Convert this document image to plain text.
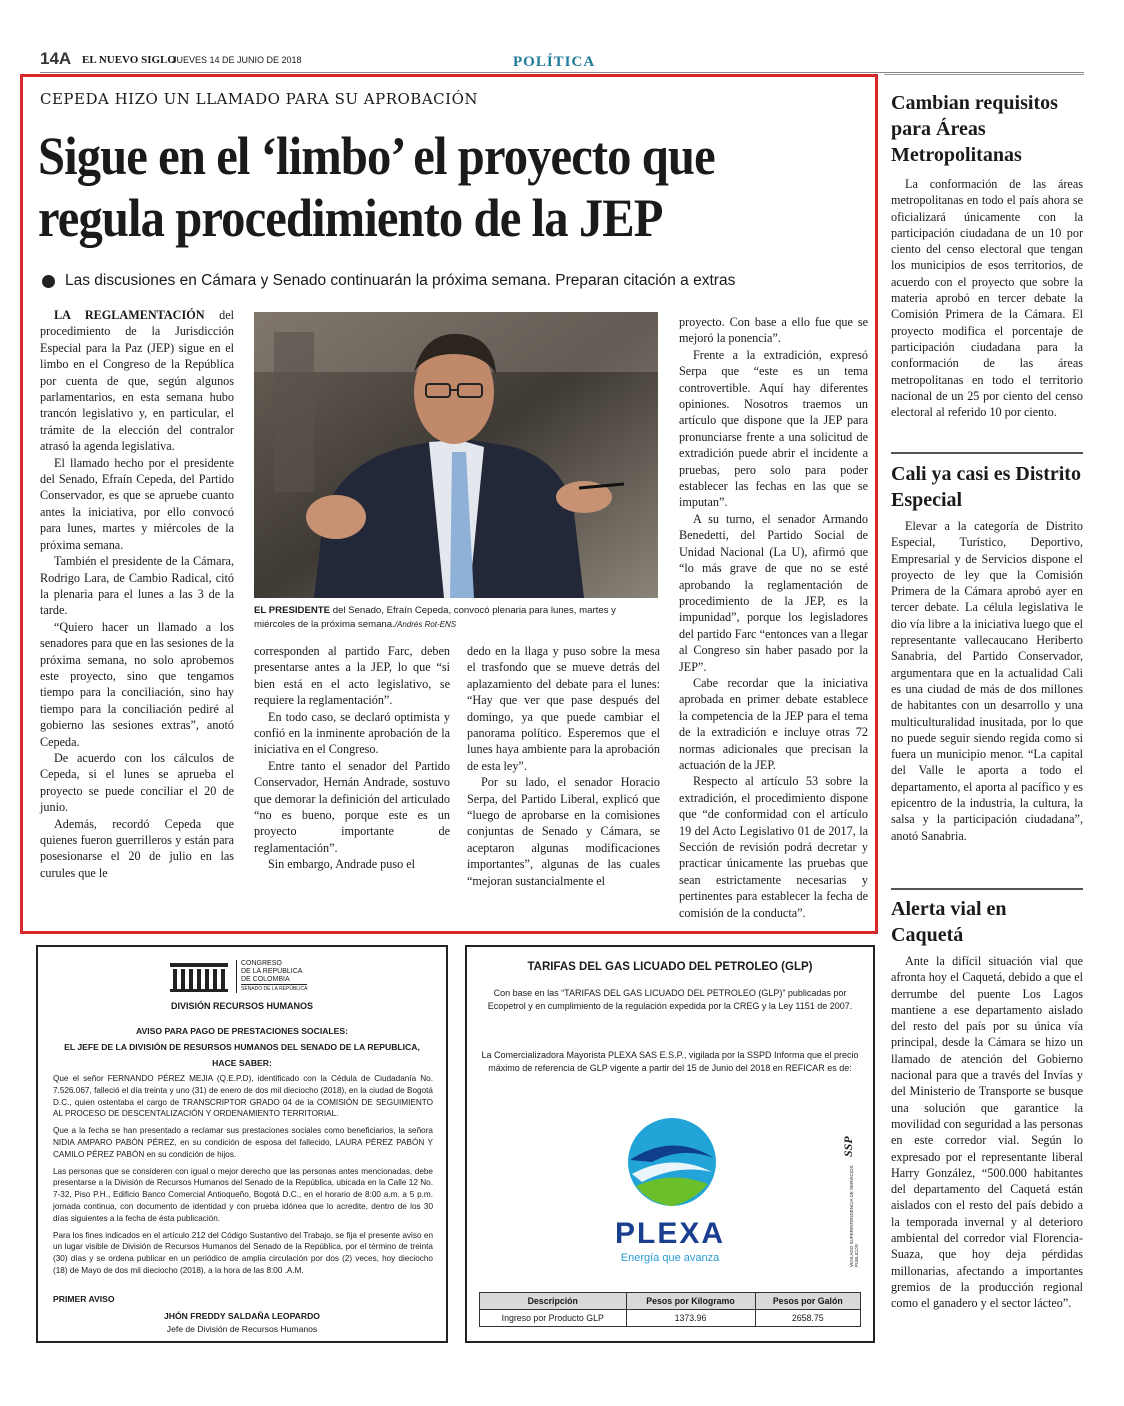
14A EL NUEVO SIGLO
JUEVES 14 DE JUNIO DE 2018	POLÍTICA
CEPEDA HIZO UN LLAMADO PARA SU APROBACIÓN
Sigue en el ‘limbo’ el proyecto que
regula procedimiento de la JEP
Las discusiones en Cámara y Senado continuarán la próxima semana. Preparan citación a extras

LA REGLAMENTACIÓN del procedimiento de la Jurisdicción Especial para la Paz (JEP) sigue en el limbo en el Congreso de la República por cuenta de que, según algunos parlamentarios, en esta semana hubo trancón legislativo y, en particular, el trámite de la elección del contralor atrasó la agenda legislativa.

El llamado hecho por el presidente del Senado, Efraín Cepeda, del Partido Conservador, es que se apruebe cuanto antes la iniciativa, por ello convocó para lunes, martes y miércoles de la próxima semana.

También el presidente de la Cámara, Rodrigo Lara, de Cambio Radical, citó la plenaria para el lunes a las 3 de la tarde.

“Quiero hacer un llamado a los senadores para que en las sesiones de la próxima semana, no solo aprobemos este proyecto, sino que tengamos tiempo para la conciliación, sino hay tiempo para la conciliación pediré al gobierno las sesiones extras”, anotó Cepeda.

De acuerdo con los cálculos de Cepeda, si el lunes se aprueba el proyecto se puede conciliar el 20 de junio.

Además, recordó Cepeda que quienes fueron guerrilleros y están para posesionarse el 20 de julio en las curules que le

EL PRESIDENTE del Senado, Efraín Cepeda, convocó plenaria para lunes, martes y miércoles de la próxima semana./Andrés Rot-ENS

corresponden al partido Farc, deben presentarse antes a la JEP, lo que “si bien está en el acto legislativo, se requiere la reglamentación”.

En todo caso, se declaró optimista y confió en la inminente aprobación de la iniciativa en el Congreso.

Entre tanto el senador del Partido Conservador, Hernán Andrade, sostuvo que demorar la definición del articulado “no es bueno, porque este es un proyecto importante de reglamentación”.

Sin embargo, Andrade puso el

dedo en la llaga y puso sobre la mesa el trasfondo que se mueve detrás del aplazamiento del debate para el lunes: “Hay que ver que pase después del domingo, ya que puede cambiar el panorama político. Esperemos que el lunes haya ambiente para la aprobación de esta ley”.

Por su lado, el senador Horacio Serpa, del Partido Liberal, explicó que “luego de aprobarse en la comisiones conjuntas de Senado y Cámara, se aceptaron algunas modificaciones importantes”, algunas de las cuales “mejoran sustancialmente el

proyecto. Con base a ello fue que se mejoró la ponencia”.

Frente a la extradición, expresó Serpa que “este es un tema controvertible. Aquí hay diferentes opiniones. Nosotros traemos un artículo que dispone que la JEP para pronunciarse frente a una solicitud de extradición puede abrir el incidente a pruebas, pero solo para poder establecer las fechas en las que se imputan”.

A su turno, el senador Armando Benedetti, del Partido Social de Unidad Nacional (La U), afirmó que “lo más grave de que no se esté aprobando la reglamentación de procedimiento de la JEP, es la impunidad”, porque los legisladores del partido Farc “entonces van a llegar al Congreso sin haber pasado por la JEP”.

Cabe recordar que la iniciativa aprobada en primer debate establece la competencia de la JEP para el tema de la extradición e incluye otras 72 normas adicionales que precisan la actuación de la JEP.

Respecto al artículo 53 sobre la extradición, el procedimiento dispone que “de conformidad con el artículo 19 del Acto Legislativo 01 de 2017, la Sección de revisión podrá decretar y practicar únicamente las pruebas que sean estrictamente necesarias y pertinentes para establecer la fecha de comisión de la conducta”.

Cambian requisitos para Áreas Metropolitanas
La conformación de las áreas metropolitanas en todo el país ahora se oficializará únicamente con la participación ciudadana de un 10 por ciento del censo electoral que tengan los municipios de esos territorios, de acuerdo con el proyecto que sobre la materia aprobó en tercer debate la Comisión Primera de la Cámara. El proyecto modifica el porcentaje de participación ciudadana para la conformación de las áreas metropolitanas en todo el territorio nacional de un 25 por ciento del censo electoral al referido 10 por ciento.
Cali ya casi es Distrito Especial
Elevar a la categoría de Distrito Especial, Turístico, Deportivo, Empresarial y de Servicios dispone el proyecto de ley que la Comisión Primera de la Cámara aprobó ayer en tercer debate. La célula legislativa le dio vía libre a la iniciativa luego que el representante vallecaucano Heriberto Sanabria, del Partido Conservador, argumentara que en la actualidad Cali es una ciudad de más de dos millones de habitantes con un desarrollo y una multiculturalidad inusitada, por lo que no puede seguir siendo regida como si fuera un municipio menor. “La capital del Valle le aporta a todo el departamento, el aporta al pacífico y es epicentro de la industria, la cultura, la salsa y la participación ciudadana”, anotó Sanabria.
Alerta vial en Caquetá
Ante la difícil situación vial que afronta hoy el Caquetá, debido a que el derrumbe del puente Los Lagos mantiene a ese departamento aislado del resto del país por su única vía principal, desde la Cámara se hizo un llamado de atención del Gobierno nacional para que a través del Invías y del Ministerio de Transporte se busque una solución que garantice la movilidad con seguridad a las personas en este corredor vial. Según lo expresado por el representante liberal Harry González, “500.000 habitantes del departamento del Caquetá están aislados con el resto del país debido a la temporada invernal y al deterioro ambiental del corredor vial Florencia-Suaza, que hoy deja pérdidas millonarias, afectando a importantes gremios de la producción regional como el ganadero y el sector lácteo”.
CONGRESO
DE LA REPÚBLICA
DE COLOMBIA
SENADO DE LA REPÚBLICA
DIVISIÓN RECURSOS HUMANOS
AVISO PARA PAGO DE PRESTACIONES SOCIALES:
EL JEFE DE LA DIVISIÓN DE RESURSOS HUMANOS DEL SENADO DE LA REPUBLICA,
HACE SABER:
Que el señor FERNANDO PÉREZ MEJIA (Q.E.P.D), identificado con la Cédula de Ciudadanía No. 7.526.067, falleció el día treinta y uno (31) de enero de dos mil dieciocho (2018), en la ciudad de Bogotá D.C., quien ostentaba el cargo de TRANSCRIPTOR GRADO 04 de la COMISIÓN DE SEGUIMIENTO AL PROCESO DE DESCENTALIZACIÓN Y ORDENAMIENTO TERRITORIAL.
Que a la fecha se han presentado a reclamar sus prestaciones sociales como beneficiarios, la señora NIDIA AMPARO PABÓN PÉREZ, en su condición de esposa del fallecido, LAURA PÉREZ PABÓN Y CAMILO PÉREZ PABÓN en su condición de hijos.
Las personas que se consideren con igual o mejor derecho que las personas antes mencionadas, debe presentarse a la División de Recursos Humanos del Senado de la República, ubicada en la Calle 12 No. 7-32, Piso P.H., Edificio Banco Comercial Antioqueño, Bogotá D.C., en el horario de 8:00 a.m. a 5 p.m. jornada continua, con documento de identidad y con prueba idónea que lo acredite, dentro de los 30 días siguientes a la fecha de ésta publicación.
Para los fines indicados en el artículo 212 del Código Sustantivo del Trabajo, se fija el presente aviso en un lugar visible de División de Recursos Humanos del Senado de la República, por el término de treinta (30) días y se ordena publicar en un periódico de amplia circulación por dos (2) veces, hoy dieciocho (18) de Mayo de dos mil dieciocho (2018), a la hora de las 8:00 .A.M.
PRIMER AVISO
JHÓN FREDDY SALDAÑA LEOPARDO
Jefe de División de Recursos Humanos
TARIFAS DEL GAS LICUADO DEL PETROLEO (GLP)
Con base en las “TARIFAS DEL GAS LICUADO DEL PETROLEO (GLP)” publicadas por Ecopetrol y en cumplimiento de la regulación expedida por la CREG y la Ley 1151 de 2007.
La Comercializadora Mayorista PLEXA SAS E.S.P., vigilada por la SSPD Informa que el precio máximo de referencia de GLP vigente a partir del 15 de Junio del 2018 en REFICAR es de:
PLEXA
Energía que avanza
SSP
VIGILADO SUPERINTENDENCIA DE SERVICIOS PÚBLICOS
Descripción	Pesos por Kilogramo	Pesos por Galón
Ingreso por Producto GLP	1373.96	2658.75
